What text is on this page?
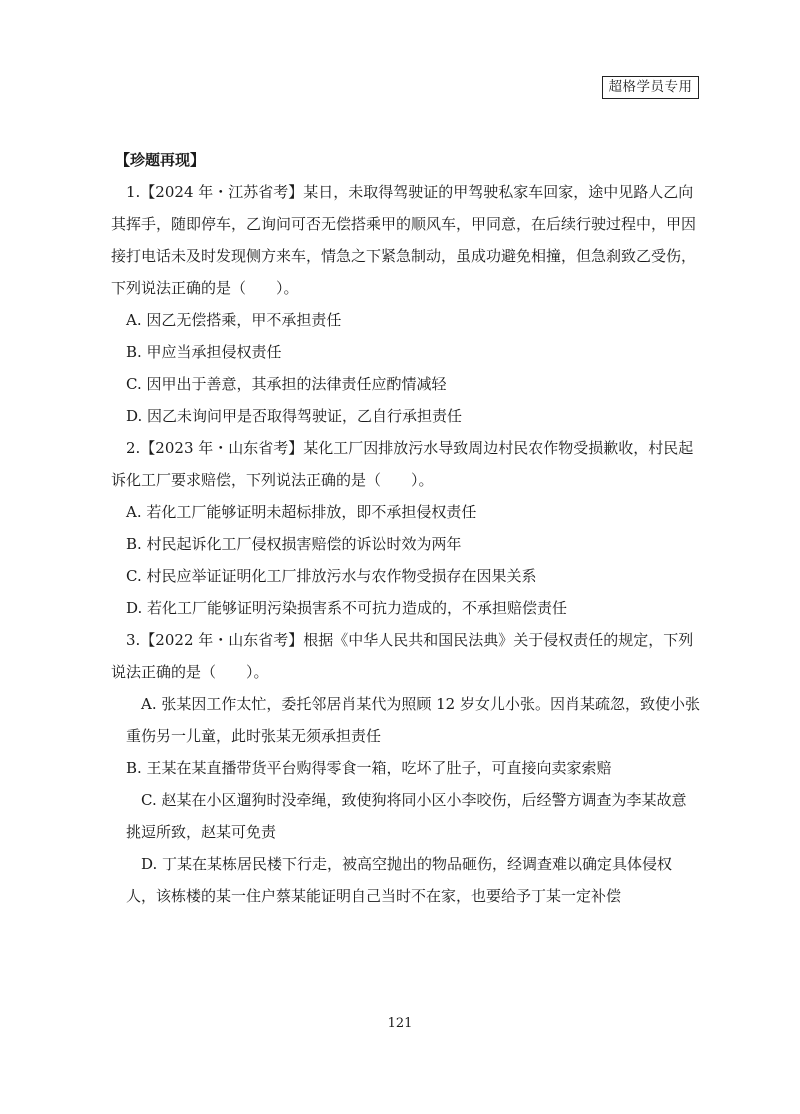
超格学员专用

【珍题再现】

1.【2024 年・江苏省考】某日，未取得驾驶证的甲驾驶私家车回家，途中见路人乙向其挥手，随即停车，乙询问可否无偿搭乘甲的顺风车，甲同意，在后续行驶过程中，甲因接打电话未及时发现侧方来车，情急之下紧急制动，虽成功避免相撞，但急刹致乙受伤，下列说法正确的是（　　）。

A. 因乙无偿搭乘，甲不承担责任

B. 甲应当承担侵权责任

C. 因甲出于善意，其承担的法律责任应酌情减轻

D. 因乙未询问甲是否取得驾驶证，乙自行承担责任

2.【2023 年・山东省考】某化工厂因排放污水导致周边村民农作物受损歉收，村民起诉化工厂要求赔偿，下列说法正确的是（　　）。

A. 若化工厂能够证明未超标排放，即不承担侵权责任

B. 村民起诉化工厂侵权损害赔偿的诉讼时效为两年

C. 村民应举证证明化工厂排放污水与农作物受损存在因果关系

D. 若化工厂能够证明污染损害系不可抗力造成的，不承担赔偿责任

3.【2022 年・山东省考】根据《中华人民共和国民法典》关于侵权责任的规定，下列说法正确的是（　　）。

A. 张某因工作太忙，委托邻居肖某代为照顾 12 岁女儿小张。因肖某疏忽，致使小张重伤另一儿童，此时张某无须承担责任

B. 王某在某直播带货平台购得零食一箱，吃坏了肚子，可直接向卖家索赔

C. 赵某在小区遛狗时没牵绳，致使狗将同小区小李咬伤，后经警方调查为李某故意挑逗所致，赵某可免责

D. 丁某在某栋居民楼下行走，被高空抛出的物品砸伤，经调查难以确定具体侵权人，该栋楼的某一住户蔡某能证明自己当时不在家，也要给予丁某一定补偿

121
